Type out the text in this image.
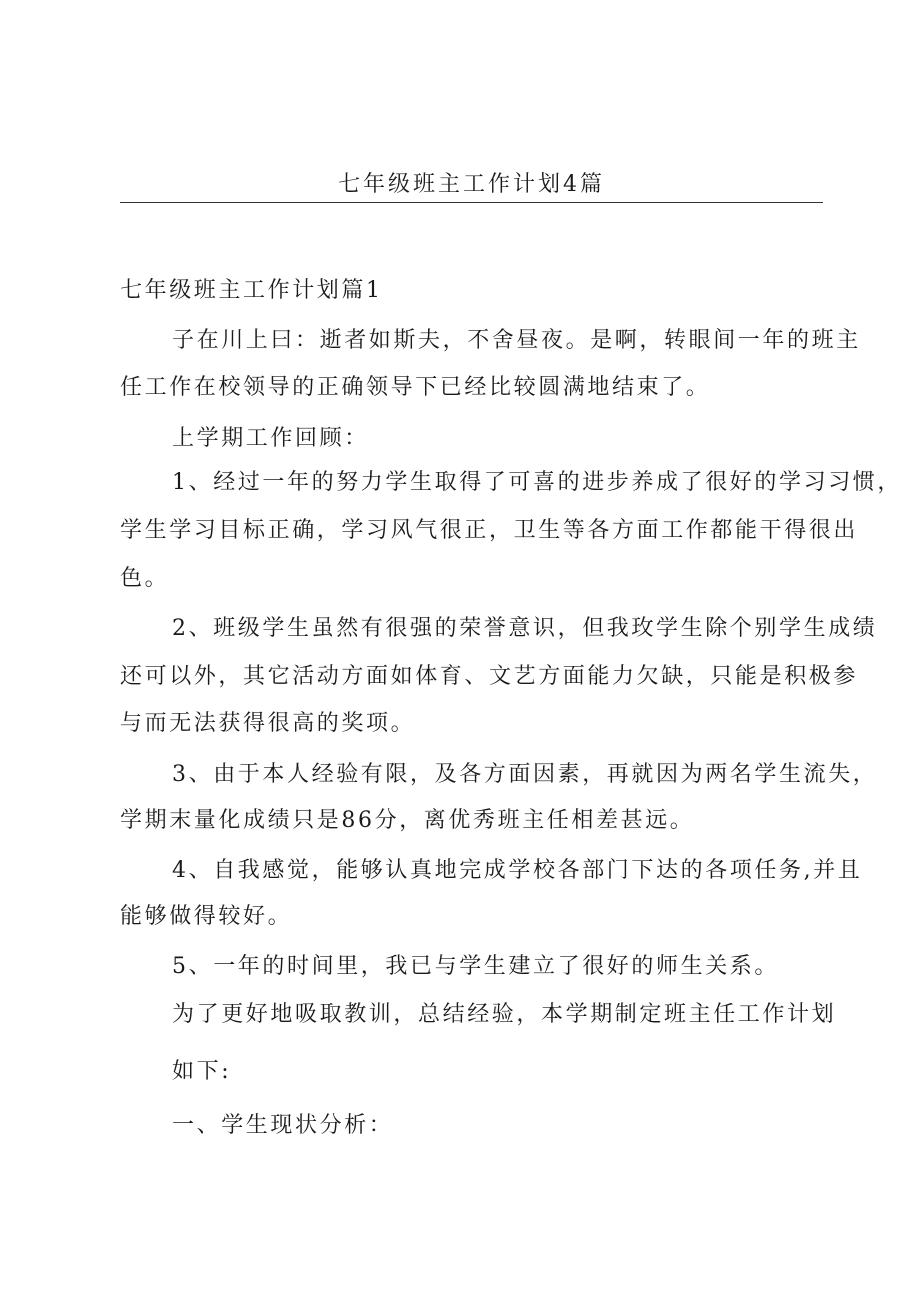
七年级班主工作计划4篇
七年级班主工作计划篇1
子在川上曰：逝者如斯夫，不舍昼夜。是啊，转眼间一年的班主
任工作在校领导的正确领导下已经比较圆满地结束了。
上学期工作回顾：
1、经过一年的努力学生取得了可喜的进步养成了很好的学习习惯，
学生学习目标正确，学习风气很正，卫生等各方面工作都能干得很出
色。
2、班级学生虽然有很强的荣誉意识，但我玫学生除个别学生成绩
还可以外，其它活动方面如体育、文艺方面能力欠缺，只能是积极参
与而无法获得很高的奖项。
3、由于本人经验有限，及各方面因素，再就因为两名学生流失，
学期末量化成绩只是86分，离优秀班主任相差甚远。
4、自我感觉，能够认真地完成学校各部门下达的各项任务,并且
能够做得较好。
5、一年的时间里，我已与学生建立了很好的师生关系。
为了更好地吸取教训，总结经验，本学期制定班主任工作计划
如下:
一、学生现状分析：
